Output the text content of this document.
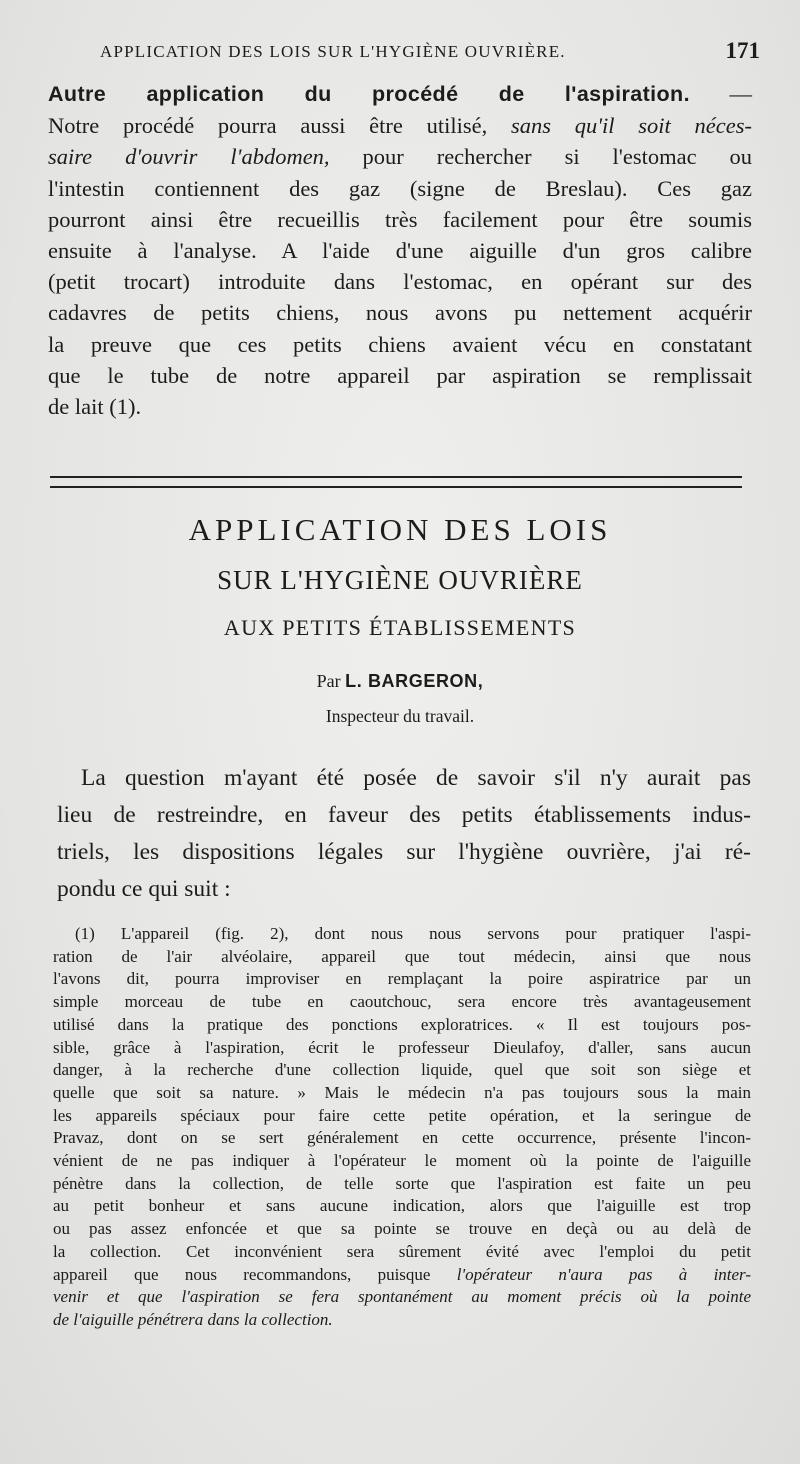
APPLICATION DES LOIS SUR L'HYGIÈNE OUVRIÈRE.	171
Autre application du procédé de l'aspiration. —
Notre procédé pourra aussi être utilisé, sans qu'il soit néces-
saire d'ouvrir l'abdomen, pour rechercher si l'estomac ou
l'intestin contiennent des gaz (signe de Breslau). Ces gaz
pourront ainsi être recueillis très facilement pour être soumis
ensuite à l'analyse. A l'aide d'une aiguille d'un gros calibre
(petit trocart) introduite dans l'estomac, en opérant sur des
cadavres de petits chiens, nous avons pu nettement acquérir
la preuve que ces petits chiens avaient vécu en constatant
que le tube de notre appareil par aspiration se remplissait
de lait (1).
APPLICATION DES LOIS
SUR L'HYGIÈNE OUVRIÈRE
AUX PETITS ÉTABLISSEMENTS
Par L. BARGERON,
Inspecteur du travail.
La question m'ayant été posée de savoir s'il n'y aurait pas
lieu de restreindre, en faveur des petits établissements indus-
triels, les dispositions légales sur l'hygiène ouvrière, j'ai ré-
pondu ce qui suit :
(1) L'appareil (fig. 2), dont nous nous servons pour pratiquer l'aspi-
ration de l'air alvéolaire, appareil que tout médecin, ainsi que nous
l'avons dit, pourra improviser en remplaçant la poire aspiratrice par un
simple morceau de tube en caoutchouc, sera encore très avantageusement
utilisé dans la pratique des ponctions exploratrices. « Il est toujours pos-
sible, grâce à l'aspiration, écrit le professeur Dieulafoy, d'aller, sans aucun
danger, à la recherche d'une collection liquide, quel que soit son siège et
quelle que soit sa nature. » Mais le médecin n'a pas toujours sous la main
les appareils spéciaux pour faire cette petite opération, et la seringue de
Pravaz, dont on se sert généralement en cette occurrence, présente l'incon-
vénient de ne pas indiquer à l'opérateur le moment où la pointe de l'aiguille
pénètre dans la collection, de telle sorte que l'aspiration est faite un peu
au petit bonheur et sans aucune indication, alors que l'aiguille est trop
ou pas assez enfoncée et que sa pointe se trouve en deçà ou au delà de
la collection. Cet inconvénient sera sûrement évité avec l'emploi du petit
appareil que nous recommandons, puisque l'opérateur n'aura pas à inter-
venir et que l'aspiration se fera spontanément au moment précis où la pointe
de l'aiguille pénétrera dans la collection.
